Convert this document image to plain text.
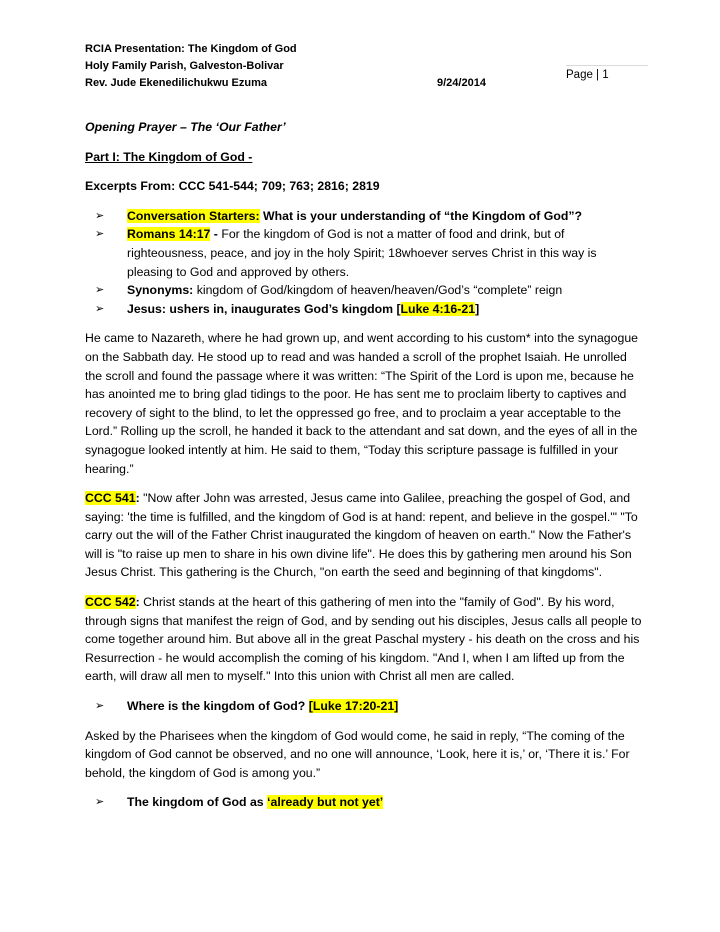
RCIA Presentation: The Kingdom of God
Holy Family Parish, Galveston-Bolivar
Rev. Jude Ekenedilichukwu Ezuma	9/24/2014
Page | 1

Opening Prayer – The ‘Our Father’

Part I: The Kingdom of God -

Excerpts From: CCC 541-544; 709; 763; 2816; 2819

➢	Conversation Starters: What is your understanding of “the Kingdom of God”?
➢	Romans 14:17 - For the kingdom of God is not a matter of food and drink, but of righteousness, peace, and joy in the holy Spirit; 18whoever serves Christ in this way is pleasing to God and approved by others.
➢	Synonyms: kingdom of God/kingdom of heaven/heaven/God’s “complete” reign
➢	Jesus: ushers in, inaugurates God’s kingdom [Luke 4:16-21]

He came to Nazareth, where he had grown up, and went according to his custom* into the synagogue on the Sabbath day. He stood up to read and was handed a scroll of the prophet Isaiah. He unrolled the scroll and found the passage where it was written: “The Spirit of the Lord is upon me, because he has anointed me to bring glad tidings to the poor. He has sent me to proclaim liberty to captives and recovery of sight to the blind, to let the oppressed go free, and to proclaim a year acceptable to the Lord.” Rolling up the scroll, he handed it back to the attendant and sat down, and the eyes of all in the synagogue looked intently at him. He said to them, “Today this scripture passage is fulfilled in your hearing.”

CCC 541: "Now after John was arrested, Jesus came into Galilee, preaching the gospel of God, and saying: 'the time is fulfilled, and the kingdom of God is at hand: repent, and believe in the gospel.'" "To carry out the will of the Father Christ inaugurated the kingdom of heaven on earth." Now the Father's will is "to raise up men to share in his own divine life". He does this by gathering men around his Son Jesus Christ. This gathering is the Church, "on earth the seed and beginning of that kingdoms".

CCC 542: Christ stands at the heart of this gathering of men into the "family of God". By his word, through signs that manifest the reign of God, and by sending out his disciples, Jesus calls all people to come together around him. But above all in the great Paschal mystery - his death on the cross and his Resurrection - he would accomplish the coming of his kingdom. "And I, when I am lifted up from the earth, will draw all men to myself." Into this union with Christ all men are called.

➢	Where is the kingdom of God? [Luke 17:20-21]

Asked by the Pharisees when the kingdom of God would come, he said in reply, “The coming of the kingdom of God cannot be observed, and no one will announce, ‘Look, here it is,’ or, ‘There it is.’ For behold, the kingdom of God is among you.”

➢	The kingdom of God as ‘already but not yet’
